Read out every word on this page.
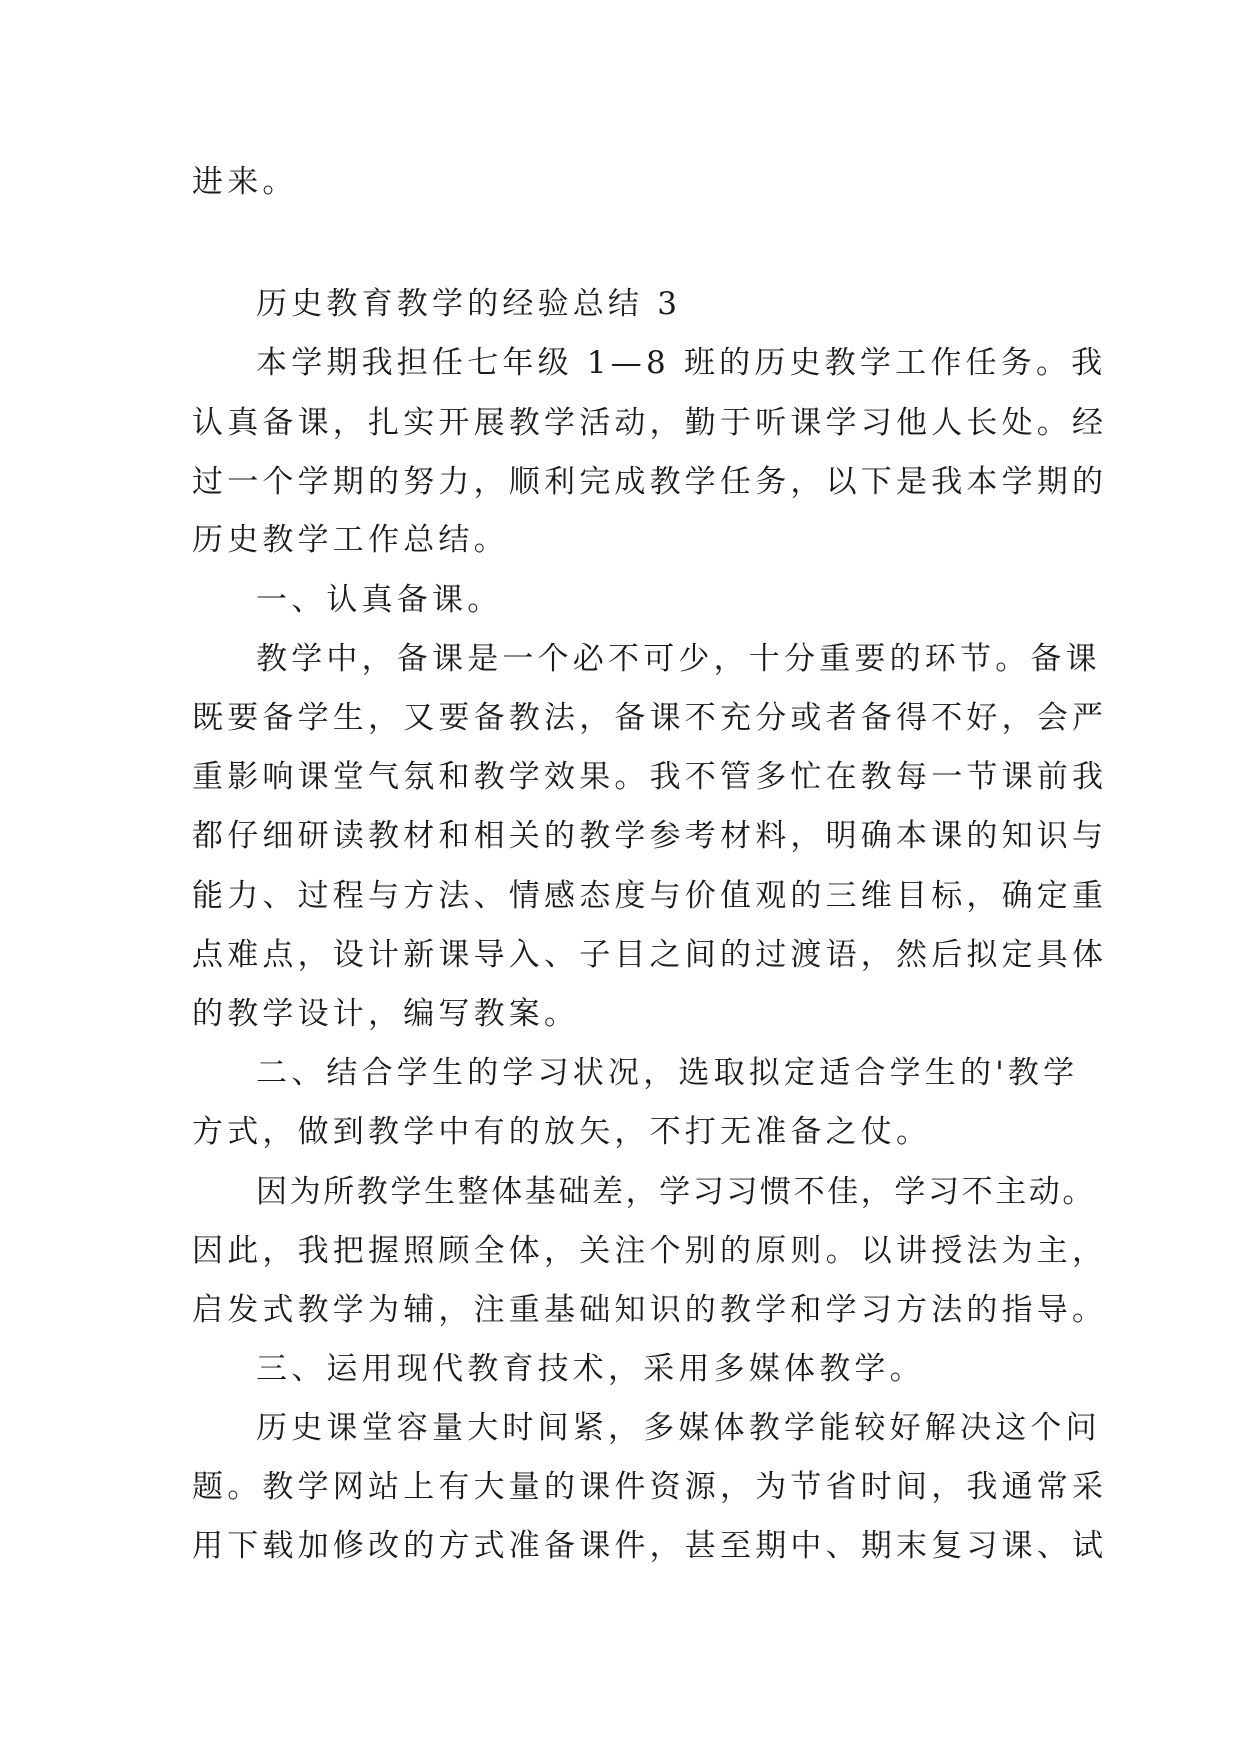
进来。
历史教育教学的经验总结 3
本学期我担任七年级 1—8 班的历史教学工作任务。我
认真备课，扎实开展教学活动，勤于听课学习他人长处。经
过一个学期的努力，顺利完成教学任务，以下是我本学期的
历史教学工作总结。
一、认真备课。
教学中，备课是一个必不可少，十分重要的环节。备课
既要备学生，又要备教法，备课不充分或者备得不好，会严
重影响课堂气氛和教学效果。我不管多忙在教每一节课前我
都仔细研读教材和相关的教学参考材料，明确本课的知识与
能力、过程与方法、情感态度与价值观的三维目标，确定重
点难点，设计新课导入、子目之间的过渡语，然后拟定具体
的教学设计，编写教案。
二、结合学生的学习状况，选取拟定适合学生的'教学
方式，做到教学中有的放矢，不打无准备之仗。
因为所教学生整体基础差，学习习惯不佳，学习不主动。
因此，我把握照顾全体，关注个别的原则。以讲授法为主，
启发式教学为辅，注重基础知识的教学和学习方法的指导。
三、运用现代教育技术，采用多媒体教学。
历史课堂容量大时间紧，多媒体教学能较好解决这个问
题。教学网站上有大量的课件资源，为节省时间，我通常采
用下载加修改的方式准备课件，甚至期中、期末复习课、试
